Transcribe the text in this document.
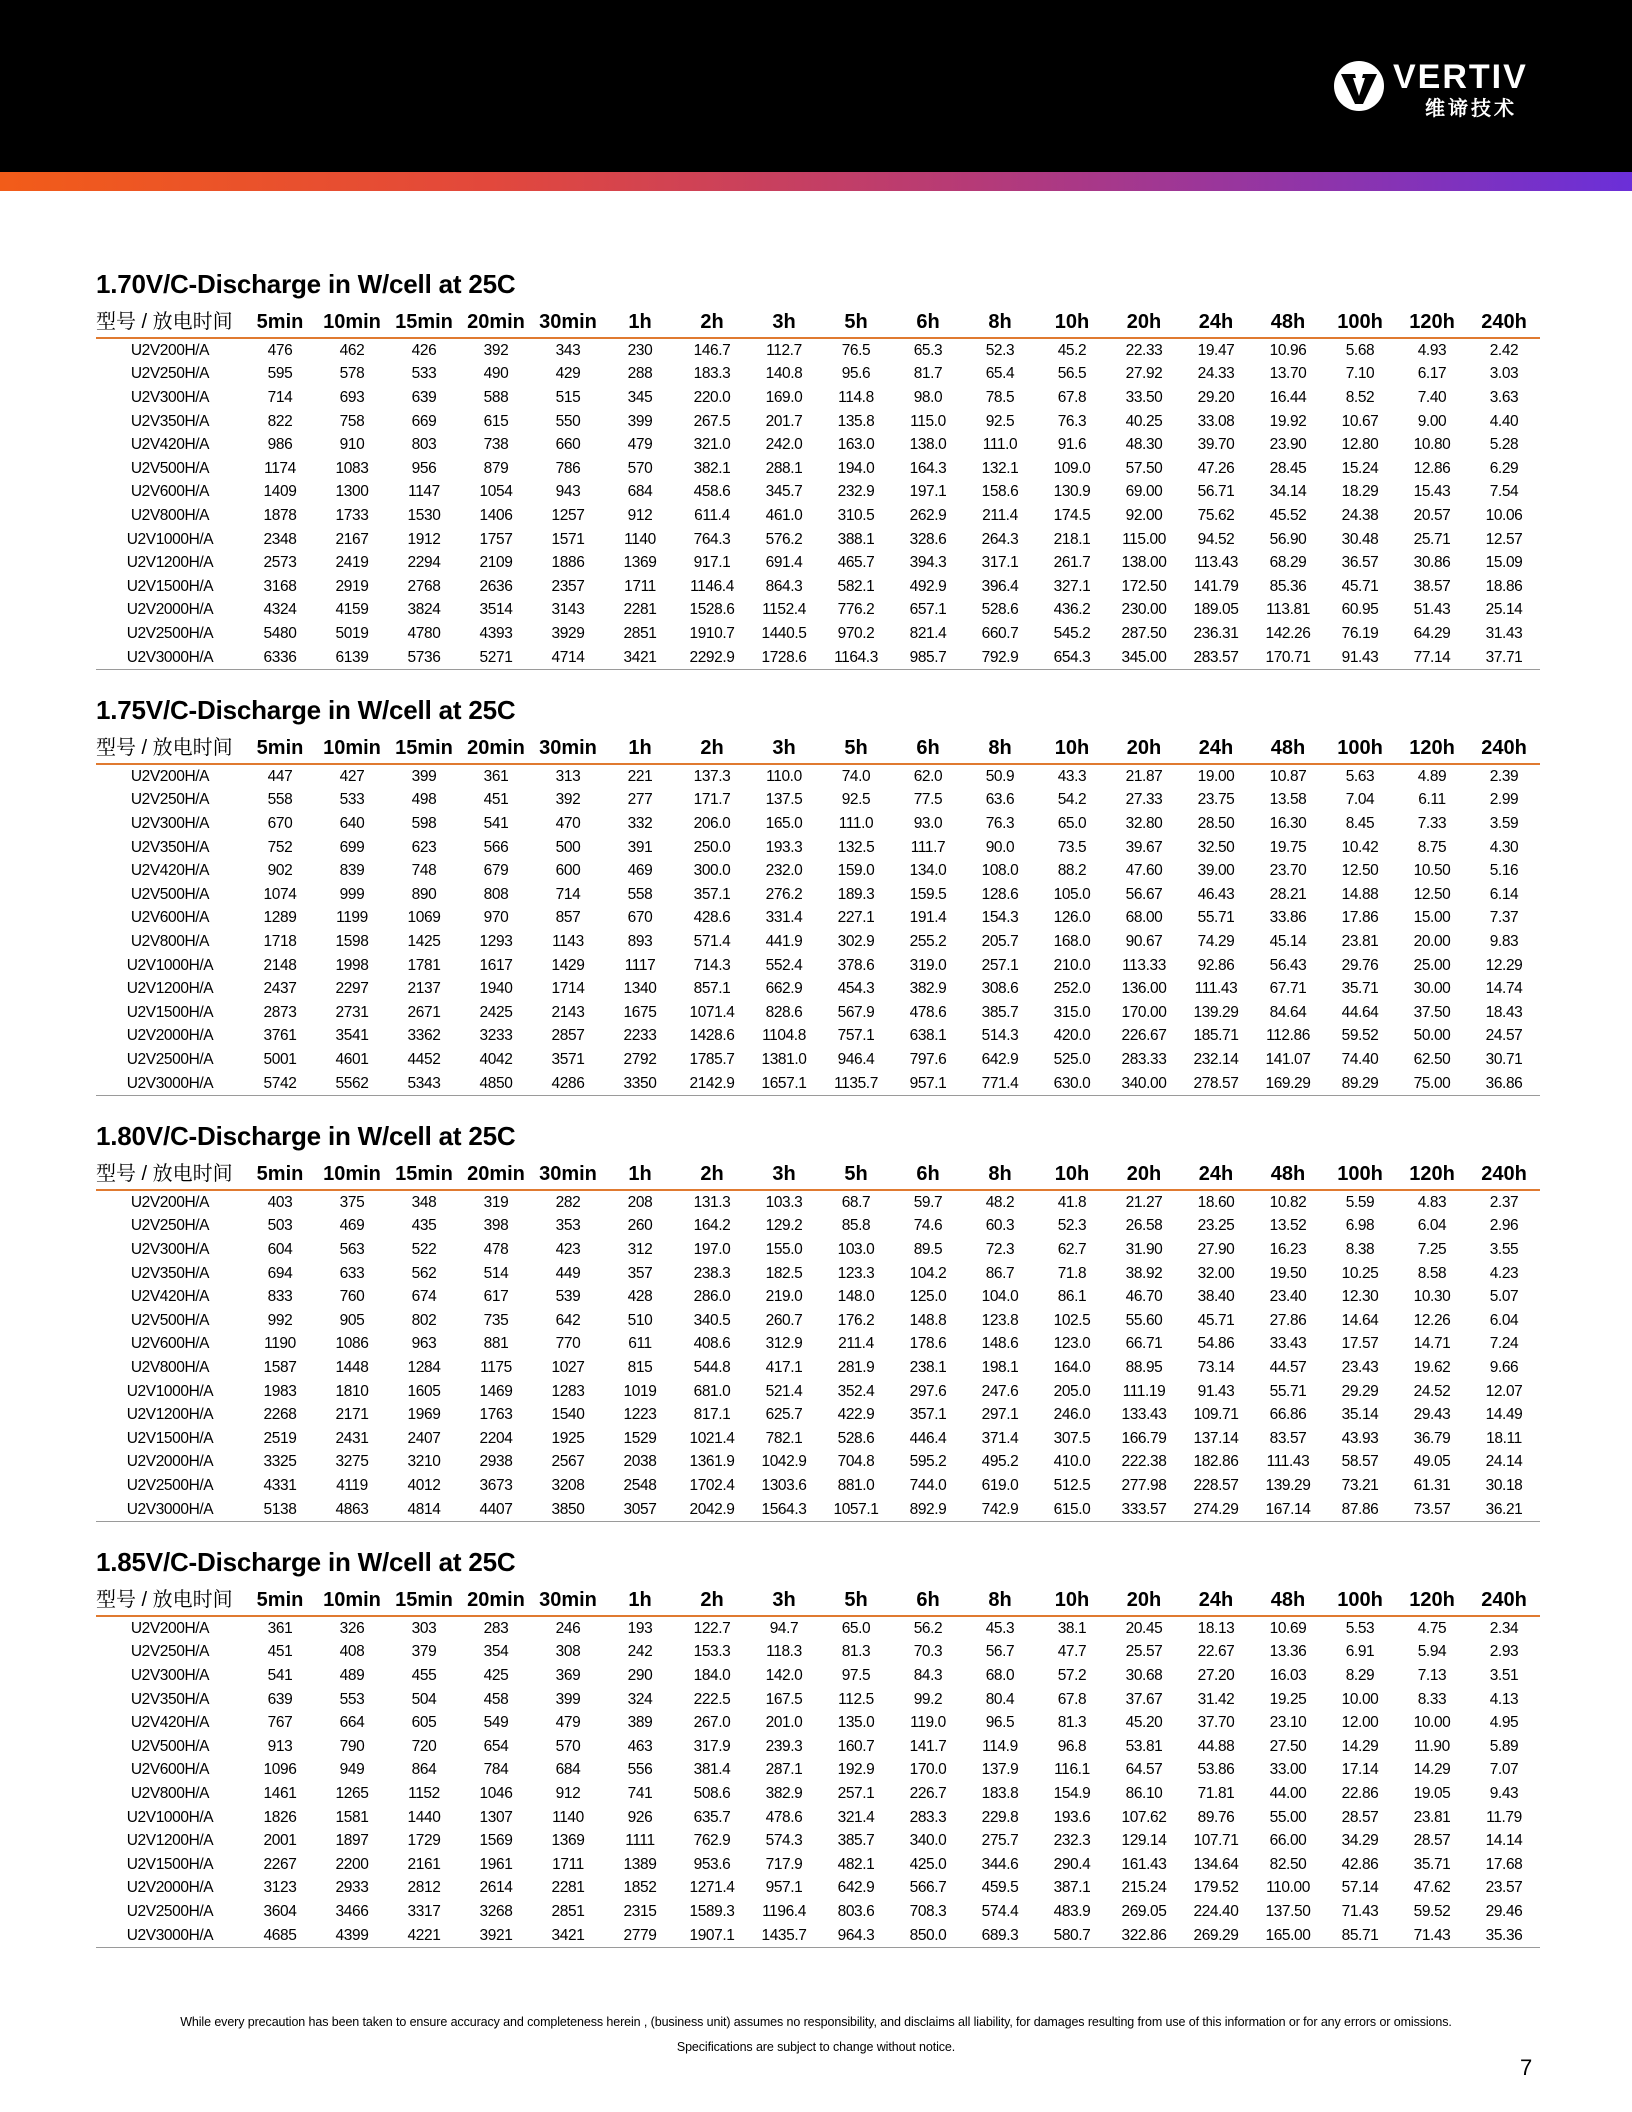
VERTIV
维谛技术
1.70V/C-Discharge in W/cell at 25C
型号 / 放电时间	5min	10min	15min	20min	30min	1h	2h	3h	5h	6h	8h	10h	20h	24h	48h	100h	120h	240h
U2V200H/A	476	462	426	392	343	230	146.7	112.7	76.5	65.3	52.3	45.2	22.33	19.47	10.96	5.68	4.93	2.42
U2V250H/A	595	578	533	490	429	288	183.3	140.8	95.6	81.7	65.4	56.5	27.92	24.33	13.70	7.10	6.17	3.03
U2V300H/A	714	693	639	588	515	345	220.0	169.0	114.8	98.0	78.5	67.8	33.50	29.20	16.44	8.52	7.40	3.63
U2V350H/A	822	758	669	615	550	399	267.5	201.7	135.8	115.0	92.5	76.3	40.25	33.08	19.92	10.67	9.00	4.40
U2V420H/A	986	910	803	738	660	479	321.0	242.0	163.0	138.0	111.0	91.6	48.30	39.70	23.90	12.80	10.80	5.28
U2V500H/A	1174	1083	956	879	786	570	382.1	288.1	194.0	164.3	132.1	109.0	57.50	47.26	28.45	15.24	12.86	6.29
U2V600H/A	1409	1300	1147	1054	943	684	458.6	345.7	232.9	197.1	158.6	130.9	69.00	56.71	34.14	18.29	15.43	7.54
U2V800H/A	1878	1733	1530	1406	1257	912	611.4	461.0	310.5	262.9	211.4	174.5	92.00	75.62	45.52	24.38	20.57	10.06
U2V1000H/A	2348	2167	1912	1757	1571	1140	764.3	576.2	388.1	328.6	264.3	218.1	115.00	94.52	56.90	30.48	25.71	12.57
U2V1200H/A	2573	2419	2294	2109	1886	1369	917.1	691.4	465.7	394.3	317.1	261.7	138.00	113.43	68.29	36.57	30.86	15.09
U2V1500H/A	3168	2919	2768	2636	2357	1711	1146.4	864.3	582.1	492.9	396.4	327.1	172.50	141.79	85.36	45.71	38.57	18.86
U2V2000H/A	4324	4159	3824	3514	3143	2281	1528.6	1152.4	776.2	657.1	528.6	436.2	230.00	189.05	113.81	60.95	51.43	25.14
U2V2500H/A	5480	5019	4780	4393	3929	2851	1910.7	1440.5	970.2	821.4	660.7	545.2	287.50	236.31	142.26	76.19	64.29	31.43
U2V3000H/A	6336	6139	5736	5271	4714	3421	2292.9	1728.6	1164.3	985.7	792.9	654.3	345.00	283.57	170.71	91.43	77.14	37.71
1.75V/C-Discharge in W/cell at 25C
型号 / 放电时间	5min	10min	15min	20min	30min	1h	2h	3h	5h	6h	8h	10h	20h	24h	48h	100h	120h	240h
U2V200H/A	447	427	399	361	313	221	137.3	110.0	74.0	62.0	50.9	43.3	21.87	19.00	10.87	5.63	4.89	2.39
U2V250H/A	558	533	498	451	392	277	171.7	137.5	92.5	77.5	63.6	54.2	27.33	23.75	13.58	7.04	6.11	2.99
U2V300H/A	670	640	598	541	470	332	206.0	165.0	111.0	93.0	76.3	65.0	32.80	28.50	16.30	8.45	7.33	3.59
U2V350H/A	752	699	623	566	500	391	250.0	193.3	132.5	111.7	90.0	73.5	39.67	32.50	19.75	10.42	8.75	4.30
U2V420H/A	902	839	748	679	600	469	300.0	232.0	159.0	134.0	108.0	88.2	47.60	39.00	23.70	12.50	10.50	5.16
U2V500H/A	1074	999	890	808	714	558	357.1	276.2	189.3	159.5	128.6	105.0	56.67	46.43	28.21	14.88	12.50	6.14
U2V600H/A	1289	1199	1069	970	857	670	428.6	331.4	227.1	191.4	154.3	126.0	68.00	55.71	33.86	17.86	15.00	7.37
U2V800H/A	1718	1598	1425	1293	1143	893	571.4	441.9	302.9	255.2	205.7	168.0	90.67	74.29	45.14	23.81	20.00	9.83
U2V1000H/A	2148	1998	1781	1617	1429	1117	714.3	552.4	378.6	319.0	257.1	210.0	113.33	92.86	56.43	29.76	25.00	12.29
U2V1200H/A	2437	2297	2137	1940	1714	1340	857.1	662.9	454.3	382.9	308.6	252.0	136.00	111.43	67.71	35.71	30.00	14.74
U2V1500H/A	2873	2731	2671	2425	2143	1675	1071.4	828.6	567.9	478.6	385.7	315.0	170.00	139.29	84.64	44.64	37.50	18.43
U2V2000H/A	3761	3541	3362	3233	2857	2233	1428.6	1104.8	757.1	638.1	514.3	420.0	226.67	185.71	112.86	59.52	50.00	24.57
U2V2500H/A	5001	4601	4452	4042	3571	2792	1785.7	1381.0	946.4	797.6	642.9	525.0	283.33	232.14	141.07	74.40	62.50	30.71
U2V3000H/A	5742	5562	5343	4850	4286	3350	2142.9	1657.1	1135.7	957.1	771.4	630.0	340.00	278.57	169.29	89.29	75.00	36.86
1.80V/C-Discharge in W/cell at 25C
型号 / 放电时间	5min	10min	15min	20min	30min	1h	2h	3h	5h	6h	8h	10h	20h	24h	48h	100h	120h	240h
U2V200H/A	403	375	348	319	282	208	131.3	103.3	68.7	59.7	48.2	41.8	21.27	18.60	10.82	5.59	4.83	2.37
U2V250H/A	503	469	435	398	353	260	164.2	129.2	85.8	74.6	60.3	52.3	26.58	23.25	13.52	6.98	6.04	2.96
U2V300H/A	604	563	522	478	423	312	197.0	155.0	103.0	89.5	72.3	62.7	31.90	27.90	16.23	8.38	7.25	3.55
U2V350H/A	694	633	562	514	449	357	238.3	182.5	123.3	104.2	86.7	71.8	38.92	32.00	19.50	10.25	8.58	4.23
U2V420H/A	833	760	674	617	539	428	286.0	219.0	148.0	125.0	104.0	86.1	46.70	38.40	23.40	12.30	10.30	5.07
U2V500H/A	992	905	802	735	642	510	340.5	260.7	176.2	148.8	123.8	102.5	55.60	45.71	27.86	14.64	12.26	6.04
U2V600H/A	1190	1086	963	881	770	611	408.6	312.9	211.4	178.6	148.6	123.0	66.71	54.86	33.43	17.57	14.71	7.24
U2V800H/A	1587	1448	1284	1175	1027	815	544.8	417.1	281.9	238.1	198.1	164.0	88.95	73.14	44.57	23.43	19.62	9.66
U2V1000H/A	1983	1810	1605	1469	1283	1019	681.0	521.4	352.4	297.6	247.6	205.0	111.19	91.43	55.71	29.29	24.52	12.07
U2V1200H/A	2268	2171	1969	1763	1540	1223	817.1	625.7	422.9	357.1	297.1	246.0	133.43	109.71	66.86	35.14	29.43	14.49
U2V1500H/A	2519	2431	2407	2204	1925	1529	1021.4	782.1	528.6	446.4	371.4	307.5	166.79	137.14	83.57	43.93	36.79	18.11
U2V2000H/A	3325	3275	3210	2938	2567	2038	1361.9	1042.9	704.8	595.2	495.2	410.0	222.38	182.86	111.43	58.57	49.05	24.14
U2V2500H/A	4331	4119	4012	3673	3208	2548	1702.4	1303.6	881.0	744.0	619.0	512.5	277.98	228.57	139.29	73.21	61.31	30.18
U2V3000H/A	5138	4863	4814	4407	3850	3057	2042.9	1564.3	1057.1	892.9	742.9	615.0	333.57	274.29	167.14	87.86	73.57	36.21
1.85V/C-Discharge in W/cell at 25C
型号 / 放电时间	5min	10min	15min	20min	30min	1h	2h	3h	5h	6h	8h	10h	20h	24h	48h	100h	120h	240h
U2V200H/A	361	326	303	283	246	193	122.7	94.7	65.0	56.2	45.3	38.1	20.45	18.13	10.69	5.53	4.75	2.34
U2V250H/A	451	408	379	354	308	242	153.3	118.3	81.3	70.3	56.7	47.7	25.57	22.67	13.36	6.91	5.94	2.93
U2V300H/A	541	489	455	425	369	290	184.0	142.0	97.5	84.3	68.0	57.2	30.68	27.20	16.03	8.29	7.13	3.51
U2V350H/A	639	553	504	458	399	324	222.5	167.5	112.5	99.2	80.4	67.8	37.67	31.42	19.25	10.00	8.33	4.13
U2V420H/A	767	664	605	549	479	389	267.0	201.0	135.0	119.0	96.5	81.3	45.20	37.70	23.10	12.00	10.00	4.95
U2V500H/A	913	790	720	654	570	463	317.9	239.3	160.7	141.7	114.9	96.8	53.81	44.88	27.50	14.29	11.90	5.89
U2V600H/A	1096	949	864	784	684	556	381.4	287.1	192.9	170.0	137.9	116.1	64.57	53.86	33.00	17.14	14.29	7.07
U2V800H/A	1461	1265	1152	1046	912	741	508.6	382.9	257.1	226.7	183.8	154.9	86.10	71.81	44.00	22.86	19.05	9.43
U2V1000H/A	1826	1581	1440	1307	1140	926	635.7	478.6	321.4	283.3	229.8	193.6	107.62	89.76	55.00	28.57	23.81	11.79
U2V1200H/A	2001	1897	1729	1569	1369	1111	762.9	574.3	385.7	340.0	275.7	232.3	129.14	107.71	66.00	34.29	28.57	14.14
U2V1500H/A	2267	2200	2161	1961	1711	1389	953.6	717.9	482.1	425.0	344.6	290.4	161.43	134.64	82.50	42.86	35.71	17.68
U2V2000H/A	3123	2933	2812	2614	2281	1852	1271.4	957.1	642.9	566.7	459.5	387.1	215.24	179.52	110.00	57.14	47.62	23.57
U2V2500H/A	3604	3466	3317	3268	2851	2315	1589.3	1196.4	803.6	708.3	574.4	483.9	269.05	224.40	137.50	71.43	59.52	29.46
U2V3000H/A	4685	4399	4221	3921	3421	2779	1907.1	1435.7	964.3	850.0	689.3	580.7	322.86	269.29	165.00	85.71	71.43	35.36
While every precaution has been taken to ensure accuracy and completeness herein , (business unit) assumes no responsibility, and disclaims all liability, for damages resulting from use of this information or for any errors or omissions.
Specifications are subject to change without notice.
7
